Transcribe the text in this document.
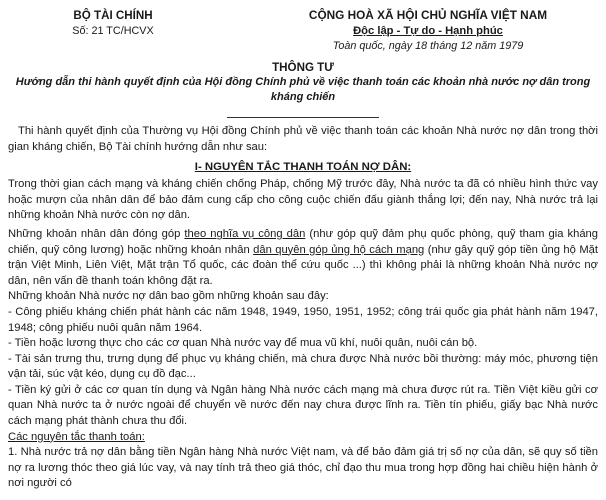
BỘ TÀI CHÍNH
Số: 21 TC/HCVX
CỘNG HOÀ XÃ HỘI CHỦ NGHĨA VIỆT NAM
Độc lập - Tự do - Hạnh phúc
Toàn quốc, ngày 18 tháng 12 năm 1979
THÔNG TƯ
Hướng dẫn thi hành quyết định của Hội đồng Chính phủ về việc thanh toán các khoản nhà nước nợ dân trong kháng chiến

Thi hành quyết định của Thường vụ Hội đồng Chính phủ về việc thanh toán các khoản Nhà nước nợ dân trong thời gian kháng chiến, Bộ Tài chính hướng dẫn như sau:

I- NGUYÊN TẮC THANH TOÁN NỢ DÂN:

Trong thời gian cách mạng và kháng chiến chống Pháp, chống Mỹ trước đây, Nhà nước ta đã có nhiều hình thức vay hoặc mượn của nhân dân để bảo đảm cung cấp cho công cuộc chiến đấu giành thắng lợi; đến nay, Nhà nước trả lại những khoản Nhà nước còn nợ dân.

Những khoản nhân dân đóng góp theo nghĩa vụ công dân (như góp quỹ đảm phụ quốc phòng, quỹ tham gia kháng chiến, quỹ công lương) hoặc những khoản nhân dân quyên góp ủng hộ cách mạng (như gây quỹ góp tiền ủng hộ Mặt trận Việt Minh, Liên Việt, Mặt trận Tổ quốc, các đoàn thể cứu quốc ...) thì không phải là những khoản Nhà nước nợ dân, nên vấn đề thanh toán không đặt ra.

Những khoản Nhà nước nợ dân bao gồm những khoản sau đây:

- Công phiếu kháng chiến phát hành các năm 1948, 1949, 1950, 1951, 1952; công trái quốc gia phát hành năm 1947, 1948; công phiếu nuôi quân năm 1964.

- Tiền hoặc lương thực cho các cơ quan Nhà nước vay để mua vũ khí, nuôi quân, nuôi cán bộ.

- Tài sản trưng thu, trưng dụng để phục vụ kháng chiến, mà chưa được Nhà nước bồi thường: máy móc, phương tiện vận tải, súc vật kéo, dụng cụ đồ đạc...

- Tiền ký gửi ở các cơ quan tín dụng và Ngân hàng Nhà nước cách mạng mà chưa được rút ra. Tiền Việt kiều gửi cơ quan Nhà nước ta ở nước ngoài để chuyển về nước đến nay chưa được lĩnh ra. Tiền tín phiếu, giấy bạc Nhà nước cách mạng phát thành chưa thu đổi.

Các nguyên tắc thanh toán:

1. Nhà nước trả nợ dân bằng tiền Ngân hàng Nhà nước Việt nam, và để bảo đảm giá trị số nợ của dân, sẽ quy số tiền nợ ra lương thóc theo giá lúc vay, và nay tính trả theo giá thóc, chỉ đạo thu mua trong hợp đồng hai chiều hiện hành ở nơi người có
